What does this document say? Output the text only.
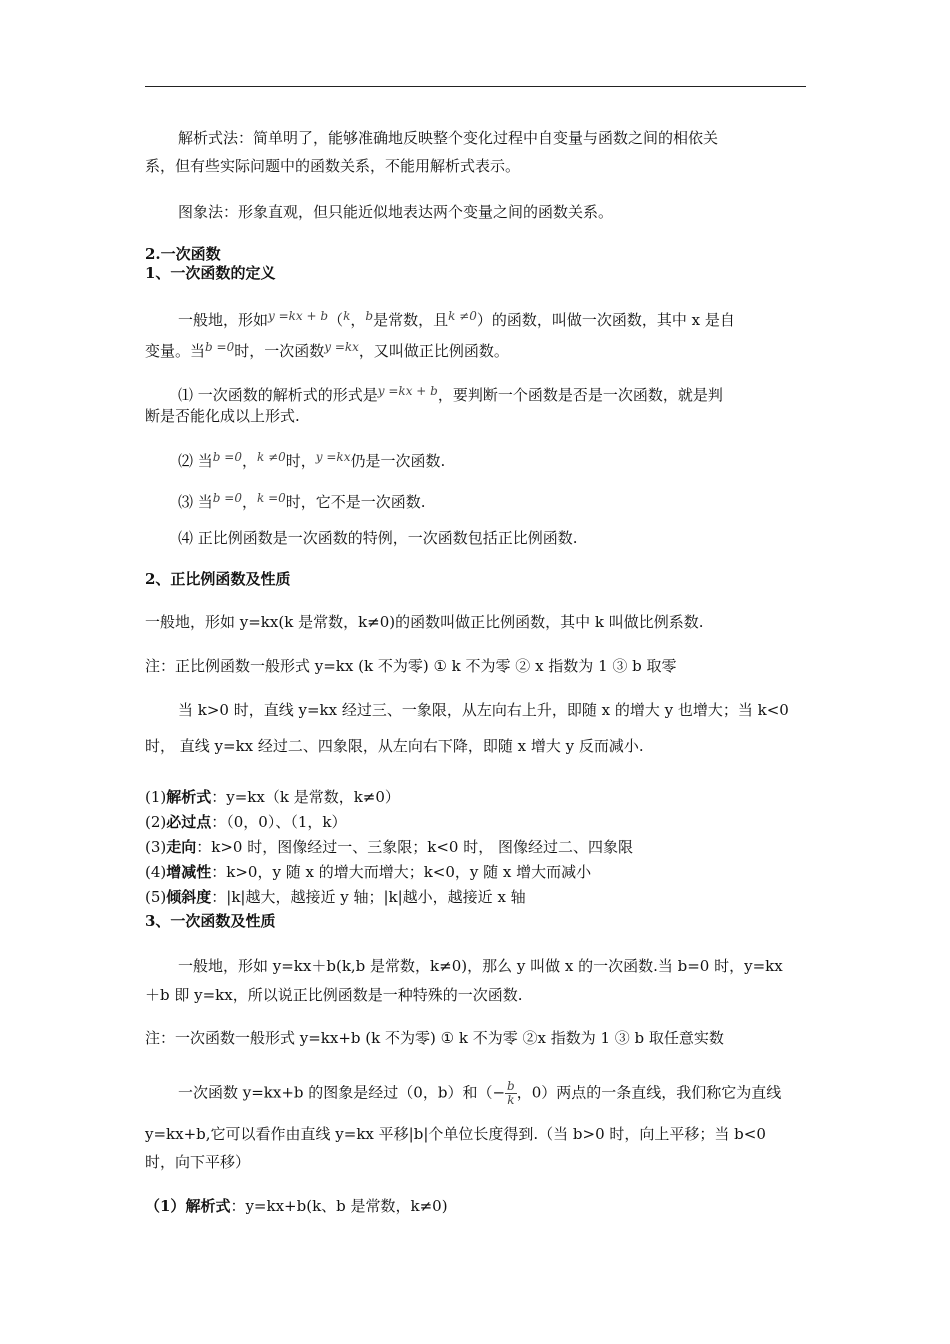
解析式法：简单明了，能够准确地反映整个变化过程中自变量与函数之间的相依关
系，但有些实际问题中的函数关系，不能用解析式表示。
图象法：形象直观，但只能近似地表达两个变量之间的函数关系。
2.一次函数
1、一次函数的定义
一般地，形如$^{y =kx + b}$（$^k$，$^b$是常数，且$^{k \ne 0}$）的函数，叫做一次函数，其中 x 是自
变量。当$^{b =0}$时，一次函数$^{y =kx}$，又叫做正比例函数。
⑴ 一次函数的解析式的形式是$^{y =kx + b}$，要判断一个函数是否是一次函数，就是判
断是否能化成以上形式.
⑵ 当$^{b =0}$，$^{k \ne 0}$时，$^{y =kx}$仍是一次函数.
⑶ 当$^{b =0}$，$^{k =0}$时，它不是一次函数.
⑷ 正比例函数是一次函数的特例，一次函数包括正比例函数.
2、正比例函数及性质
一般地，形如 y=kx(k 是常数，k≠0)的函数叫做正比例函数，其中 k 叫做比例系数.
注：正比例函数一般形式 y=kx (k 不为零) ① k 不为零 ② x 指数为 1 ③ b 取零
当 k>0 时，直线 y=kx 经过三、一象限，从左向右上升，即随 x 的增大 y 也增大；当 k<0
时， 直线 y=kx 经过二、四象限，从左向右下降，即随 x 增大 y 反而减小.
(1)解析式：y=kx（k 是常数，k≠0）
(2)必过点：（0，0）、（1，k）
(3)走向：k>0 时，图像经过一、三象限；k<0 时， 图像经过二、四象限
(4)增减性：k>0，y 随 x 的增大而增大；k<0，y 随 x 增大而减小
(5)倾斜度：|k|越大，越接近 y 轴；|k|越小，越接近 x 轴
3、一次函数及性质
一般地，形如 y=kx＋b(k,b 是常数，k≠0)，那么 y 叫做 x 的一次函数.当 b=0 时，y=kx
＋b 即 y=kx，所以说正比例函数是一种特殊的一次函数.
注：一次函数一般形式 y=kx+b (k 不为零) ① k 不为零 ②x 指数为 1 ③ b 取任意实数
一次函数 y=kx+b 的图象是经过（0，b）和（− $\frac{b}{k}$ ，0）两点的一条直线，我们称它为直线
y=kx+b,它可以看作由直线 y=kx 平移|b|个单位长度得到.（当 b>0 时，向上平移；当 b<0
时，向下平移）
（1）解析式：y=kx+b(k、b 是常数，k≠0)
